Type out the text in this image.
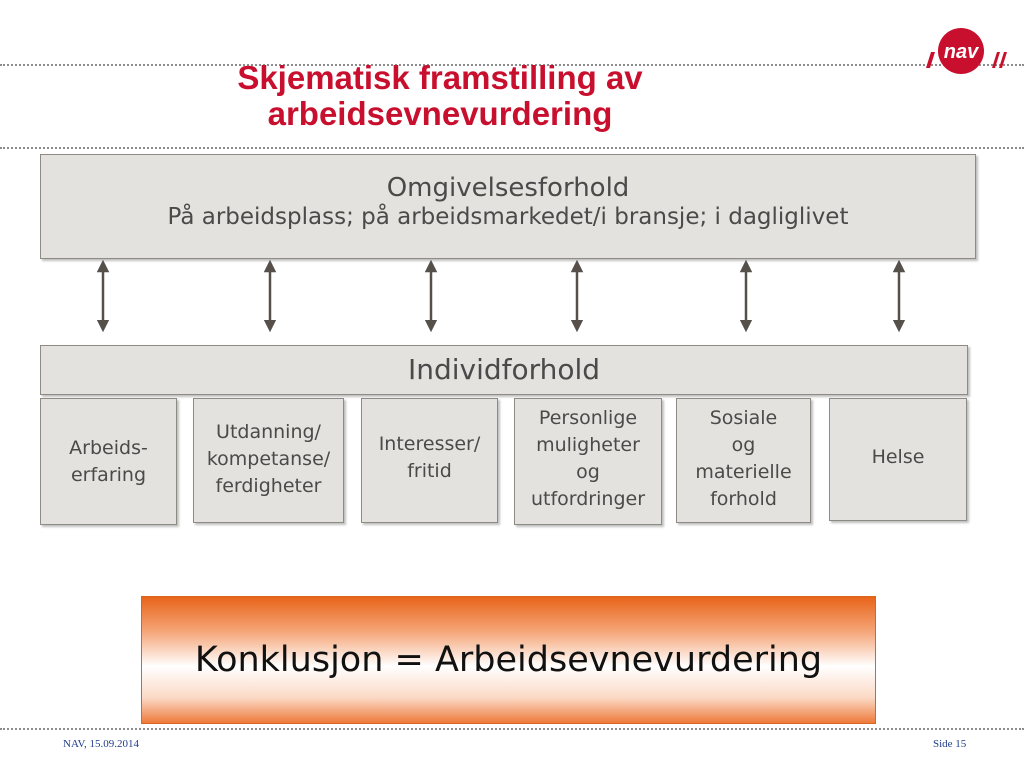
Skjematisk framstilling av
arbeidsevnevurdering
nav
Omgivelsesforhold
På arbeidsplass; på arbeidsmarkedet/i bransje; i dagliglivet
Individforhold
Arbeids-
erfaring
Utdanning/
kompetanse/
ferdigheter
Interesser/
fritid
Personlige
muligheter
og
utfordringer
Sosiale
og
materielle
forhold
Helse
Konklusjon = Arbeidsevnevurdering
NAV, 15.09.2014	Side 15
